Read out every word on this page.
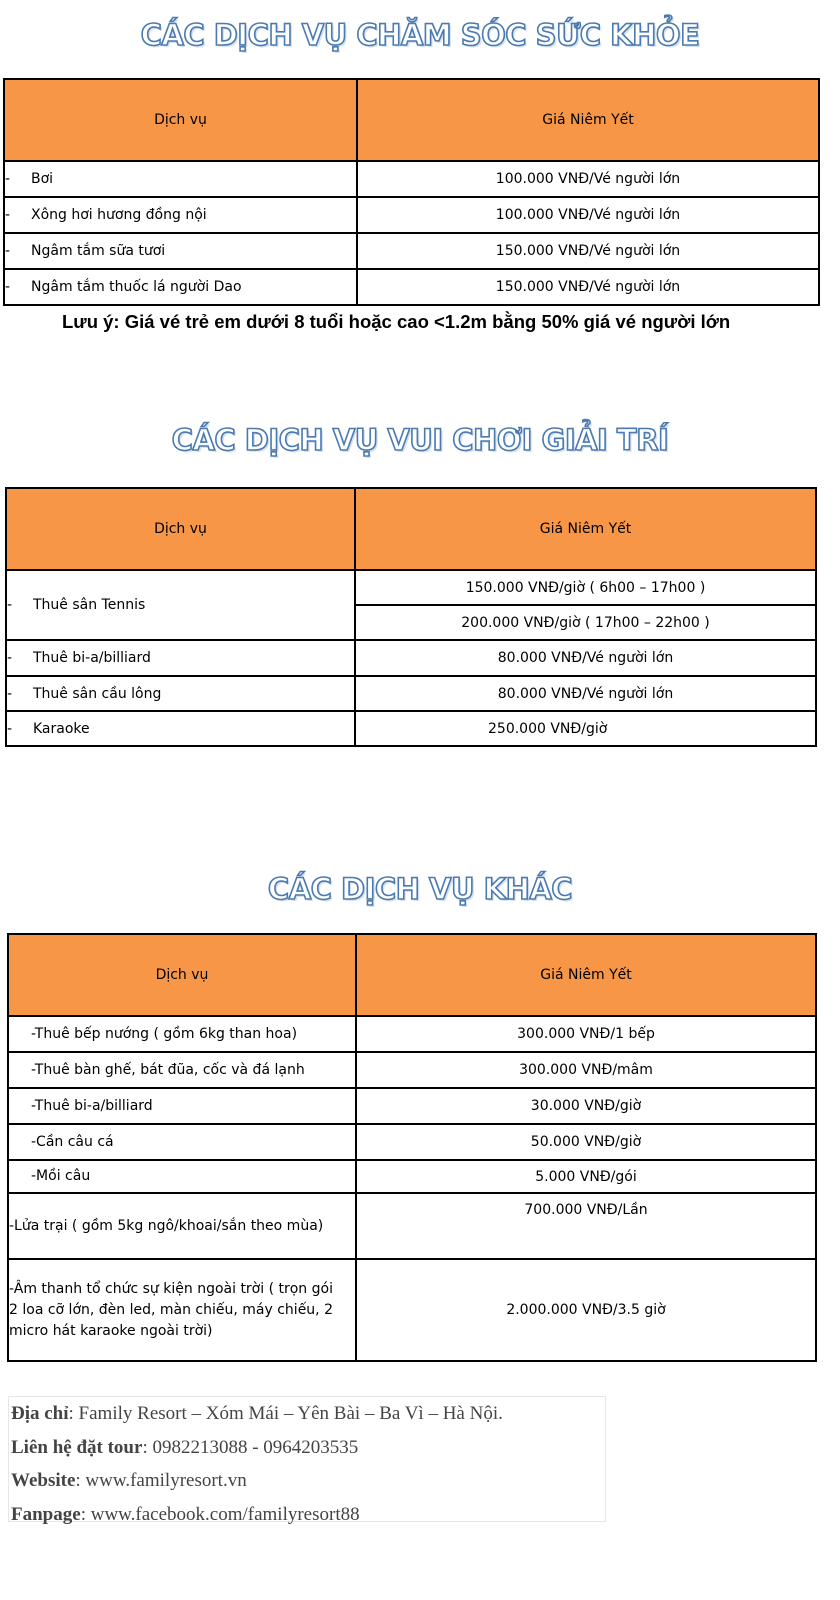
CÁC DỊCH VỤ CHĂM SÓC SỨC KHỎE
Dịch vụ	Giá Niêm Yết
- Bơi	100.000 VNĐ/Vé người lớn
- Xông hơi hương đồng nội	100.000 VNĐ/Vé người lớn
- Ngâm tắm sữa tươi	150.000 VNĐ/Vé người lớn
- Ngâm tắm thuốc lá người Dao	150.000 VNĐ/Vé người lớn
Lưu ý: Giá vé trẻ em dưới 8 tuổi hoặc cao <1.2m bằng 50% giá vé người lớn
CÁC DỊCH VỤ VUI CHƠI GIẢI TRÍ
Dịch vụ	Giá Niêm Yết
- Thuê sân Tennis	150.000 VNĐ/giờ ( 6h00 – 17h00 )
	200.000 VNĐ/giờ ( 17h00 – 22h00 )
- Thuê bi-a/billiard	80.000 VNĐ/Vé người lớn
- Thuê sân cầu lông	80.000 VNĐ/Vé người lớn
- Karaoke	250.000 VNĐ/giờ
CÁC DỊCH VỤ KHÁC
Dịch vụ	Giá Niêm Yết
-Thuê bếp nướng ( gồm 6kg than hoa)	300.000 VNĐ/1 bếp
-Thuê bàn ghế, bát đũa, cốc và đá lạnh	300.000 VNĐ/mâm
-Thuê bi-a/billiard	30.000 VNĐ/giờ
-Cần câu cá	50.000 VNĐ/giờ
-Mồi câu	5.000 VNĐ/gói
-Lửa trại ( gồm 5kg ngô/khoai/sắn theo mùa)	700.000 VNĐ/Lần
-Âm thanh tổ chức sự kiện ngoài trời ( trọn gói 2 loa cỡ lớn, đèn led, màn chiếu, máy chiếu, 2 micro hát karaoke ngoài trời)	2.000.000 VNĐ/3.5 giờ
Địa chỉ: Family Resort – Xóm Mái – Yên Bài – Ba Vì – Hà Nội.
Liên hệ đặt tour: 0982213088 - 0964203535
Website: www.familyresort.vn
Fanpage: www.facebook.com/familyresort88
